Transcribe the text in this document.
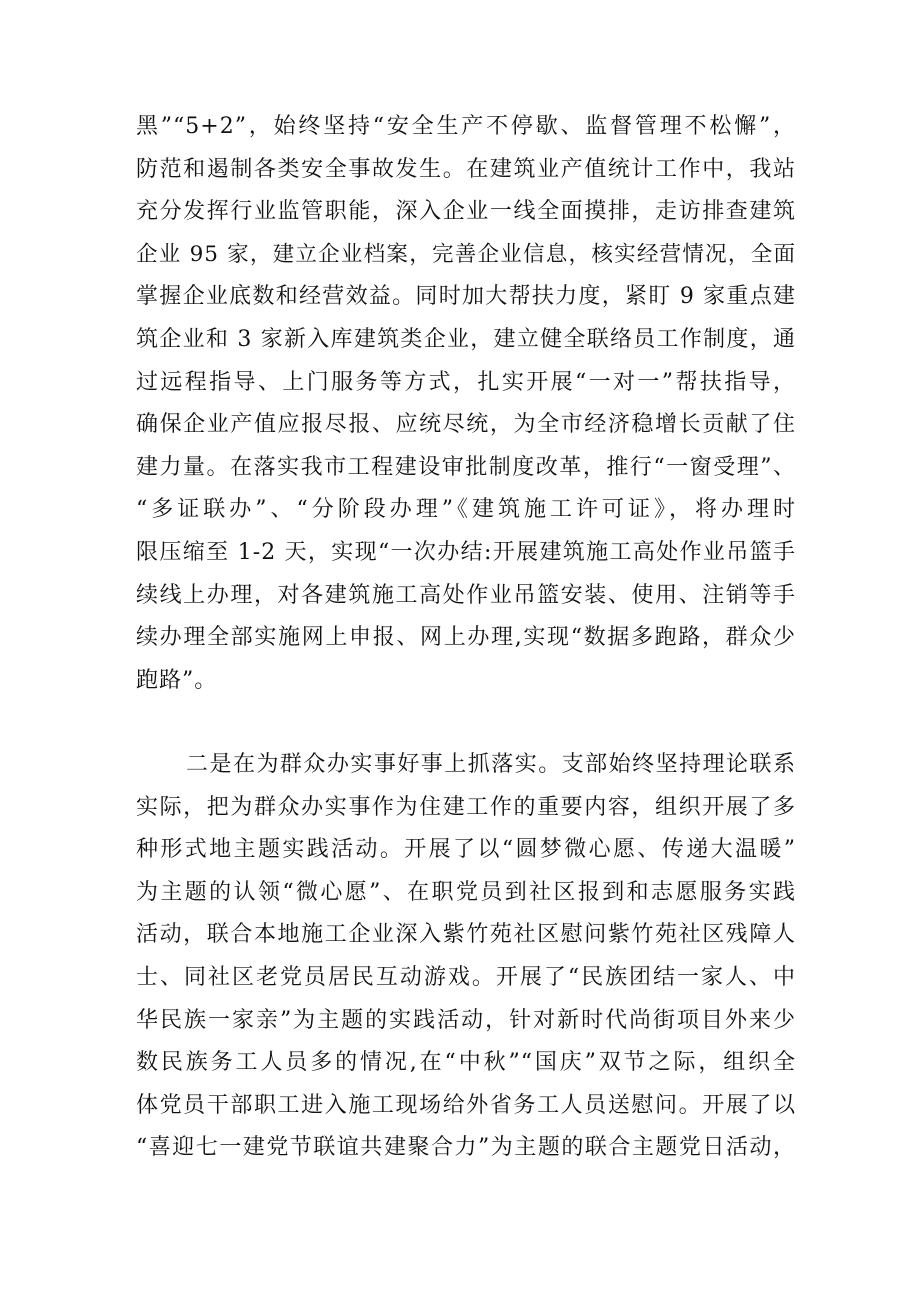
黑”“5+2”，始终坚持“安全生产不停歇、监督管理不松懈”，
防范和遏制各类安全事故发生。在建筑业产值统计工作中，我站
充分发挥行业监管职能，深入企业一线全面摸排，走访排查建筑
企业 95 家，建立企业档案，完善企业信息，核实经营情况，全面
掌握企业底数和经营效益。同时加大帮扶力度，紧盯 9 家重点建
筑企业和 3 家新入库建筑类企业，建立健全联络员工作制度，通
过远程指导、上门服务等方式，扎实开展“一对一”帮扶指导，
确保企业产值应报尽报、应统尽统，为全市经济稳增长贡献了住
建力量。在落实我市工程建设审批制度改革，推行“一窗受理”、
“多证联办”、“分阶段办理”《建筑施工许可证》，将办理时
限压缩至 1-2 天，实现“一次办结:开展建筑施工高处作业吊篮手
续线上办理，对各建筑施工高处作业吊篮安装、使用、注销等手
续办理全部实施网上申报、网上办理,实现“数据多跑路，群众少
跑路”。
二是在为群众办实事好事上抓落实。支部始终坚持理论联系
实际，把为群众办实事作为住建工作的重要内容，组织开展了多
种形式地主题实践活动。开展了以“圆梦微心愿、传递大温暖”
为主题的认领“微心愿”、在职党员到社区报到和志愿服务实践
活动，联合本地施工企业深入紫竹苑社区慰问紫竹苑社区残障人
士、同社区老党员居民互动游戏。开展了“民族团结一家人、中
华民族一家亲”为主题的实践活动，针对新时代尚街项目外来少
数民族务工人员多的情况,在“中秋”“国庆”双节之际，组织全
体党员干部职工进入施工现场给外省务工人员送慰问。开展了以
“喜迎七一建党节联谊共建聚合力”为主题的联合主题党日活动，
